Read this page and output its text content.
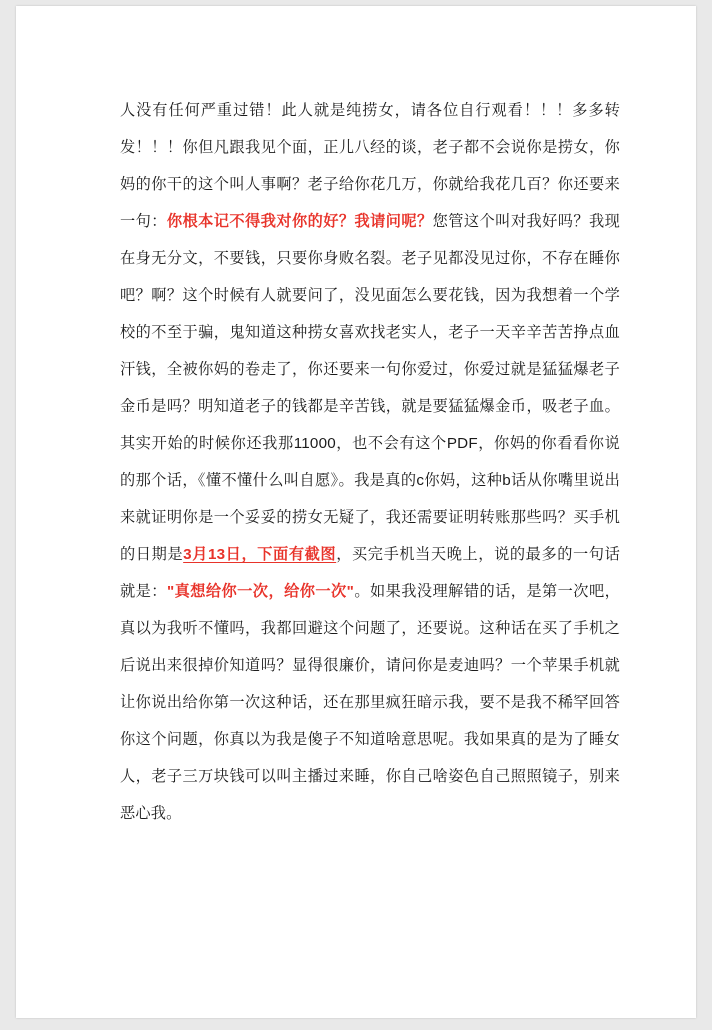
人没有任何严重过错！此人就是纯捞女，请各位自行观看！！！多多转发！！！你但凡跟我见个面，正儿八经的谈，老子都不会说你是捞女，你妈的你干的这个叫人事啊？老子给你花几万，你就给我花几百？你还要来一句：你根本记不得我对你的好？我请问呢？您管这个叫对我好吗？我现在身无分文，不要钱，只要你身败名裂。老子见都没见过你，不存在睡你吧？啊？这个时候有人就要问了，没见面怎么要花钱，因为我想着一个学校的不至于骗，鬼知道这种捞女喜欢找老实人，老子一天辛辛苦苦挣点血汗钱，全被你妈的卷走了，你还要来一句你爱过，你爱过就是猛猛爆老子金币是吗？明知道老子的钱都是辛苦钱，就是要猛猛爆金币，吸老子血。其实开始的时候你还我那11000，也不会有这个PDF，你妈的你看看你说的那个话，《懂不懂什么叫自愿》。我是真的c你妈，这种b话从你嘴里说出来就证明你是一个妥妥的捞女无疑了，我还需要证明转账那些吗？买手机的日期是3月13日，下面有截图，买完手机当天晚上，说的最多的一句话就是："真想给你一次，给你一次"。如果我没理解错的话，是第一次吧，真以为我听不懂吗，我都回避这个问题了，还要说。这种话在买了手机之后说出来很掉价知道吗？显得很廉价，请问你是麦迪吗？一个苹果手机就让你说出给你第一次这种话，还在那里疯狂暗示我，要不是我不稀罕回答你这个问题，你真以为我是傻子不知道啥意思呢。我如果真的是为了睡女人，老子三万块钱可以叫主播过来睡，你自己啥姿色自己照照镜子，别来恶心我。
